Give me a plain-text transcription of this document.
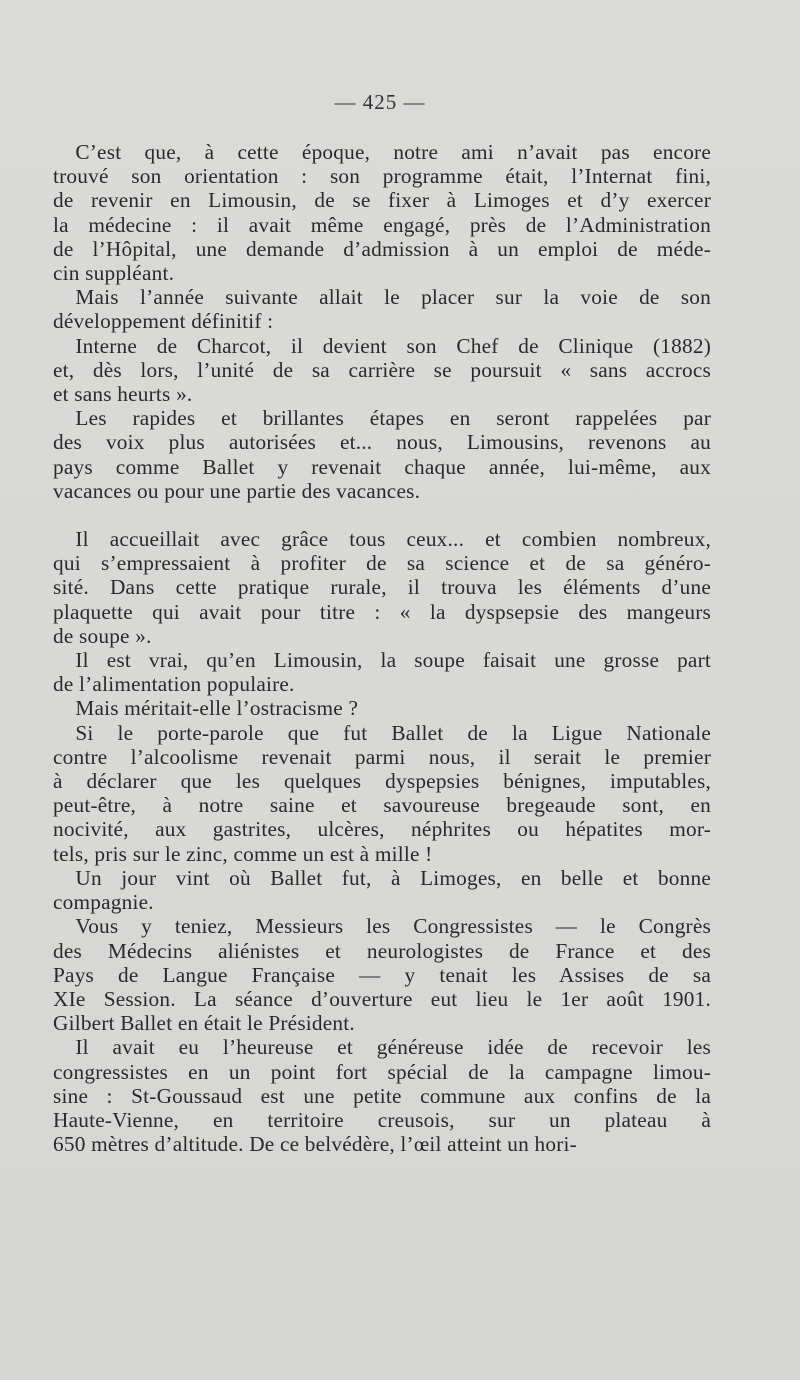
— 425 —
C’est que, à cette époque, notre ami n’avait pas encore
trouvé son orientation : son programme était, l’Internat fini,
de revenir en Limousin, de se fixer à Limoges et d’y exercer
la médecine : il avait même engagé, près de l’Administration
de l’Hôpital, une demande d’admission à un emploi de méde-
cin suppléant.
Mais l’année suivante allait le placer sur la voie de son
développement définitif :
Interne de Charcot, il devient son Chef de Clinique (1882)
et, dès lors, l’unité de sa carrière se poursuit « sans accrocs
et sans heurts ».
Les rapides et brillantes étapes en seront rappelées par
des voix plus autorisées et... nous, Limousins, revenons au
pays comme Ballet y revenait chaque année, lui-même, aux
vacances ou pour une partie des vacances.
Il accueillait avec grâce tous ceux... et combien nombreux,
qui s’empressaient à profiter de sa science et de sa généro-
sité. Dans cette pratique rurale, il trouva les éléments d’une
plaquette qui avait pour titre : « la dyspsepsie des mangeurs
de soupe ».
Il est vrai, qu’en Limousin, la soupe faisait une grosse part
de l’alimentation populaire.
Mais méritait-elle l’ostracisme ?
Si le porte-parole que fut Ballet de la Ligue Nationale
contre l’alcoolisme revenait parmi nous, il serait le premier
à déclarer que les quelques dyspepsies bénignes, imputables,
peut-être, à notre saine et savoureuse bregeaude sont, en
nocivité, aux gastrites, ulcères, néphrites ou hépatites mor-
tels, pris sur le zinc, comme un est à mille !
Un jour vint où Ballet fut, à Limoges, en belle et bonne
compagnie.
Vous y teniez, Messieurs les Congressistes — le Congrès
des Médecins aliénistes et neurologistes de France et des
Pays de Langue Française — y tenait les Assises de sa
XIe Session. La séance d’ouverture eut lieu le 1er août 1901.
Gilbert Ballet en était le Président.
Il avait eu l’heureuse et généreuse idée de recevoir les
congressistes en un point fort spécial de la campagne limou-
sine : St-Goussaud est une petite commune aux confins de la
Haute-Vienne, en territoire creusois, sur un plateau à
650 mètres d’altitude. De ce belvédère, l’œil atteint un hori-
